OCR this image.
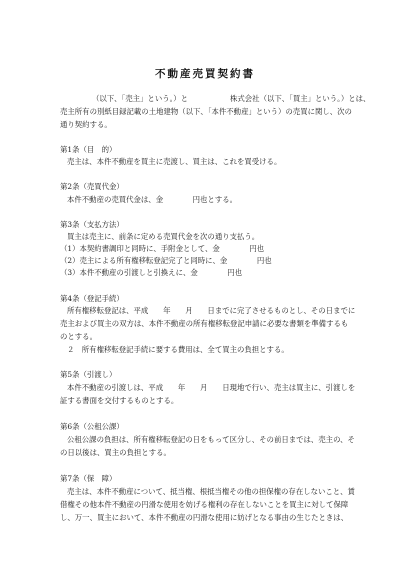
不動産売買契約書
（以下、「売主」という。）と	株式会社（以下、「買主」という。）とは、
売主所有の別紙目録記載の土地建物（以下、「本件不動産」という）の売買に関し、次の
通り契約する。
第1条（目　的）
売主は、本件不動産を買主に売渡し、買主は、これを買受ける。
第2条（売買代金）
本件不動産の売買代金は、金　　　　円也とする。
第3条（支払方法）
買主は売主に、前条に定める売買代金を次の通り支払う。
（1）本契約書調印と同時に、手附金として、金　　　　円也
（2）売主による所有権移転登記完了と同時に、金　　　　円也
（3）本件不動産の引渡しと引換えに、金　　　　円也
第4条（登記手続）
所有権移転登記は、平成　　年　　月　　日までに完了させるものとし、その日までに
売主および買主の双方は、本件不動産の所有権移転登記申請に必要な書類を準備するも
のとする。
２　所有権移転登記手続に要する費用は、全て買主の負担とする。
第5条（引渡し）
本件不動産の引渡しは、平成　　年　　月　　日現地で行い、売主は買主に、引渡しを
証する書面を交付するものとする。
第6条（公租公課）
公租公課の負担は、所有権移転登記の日をもって区分し、その前日までは、売主の、そ
の日以後は、買主の負担とする。
第7条（保　障）
売主は、本件不動産について、抵当権、根抵当権その他の担保権の存在しないこと、賃
借権その他本件不動産の円滑な使用を妨げる権利の存在しないことを買主に対して保障
し、万一、買主において、本件不動産の円滑な使用に妨げとなる事由の生じたときは、
